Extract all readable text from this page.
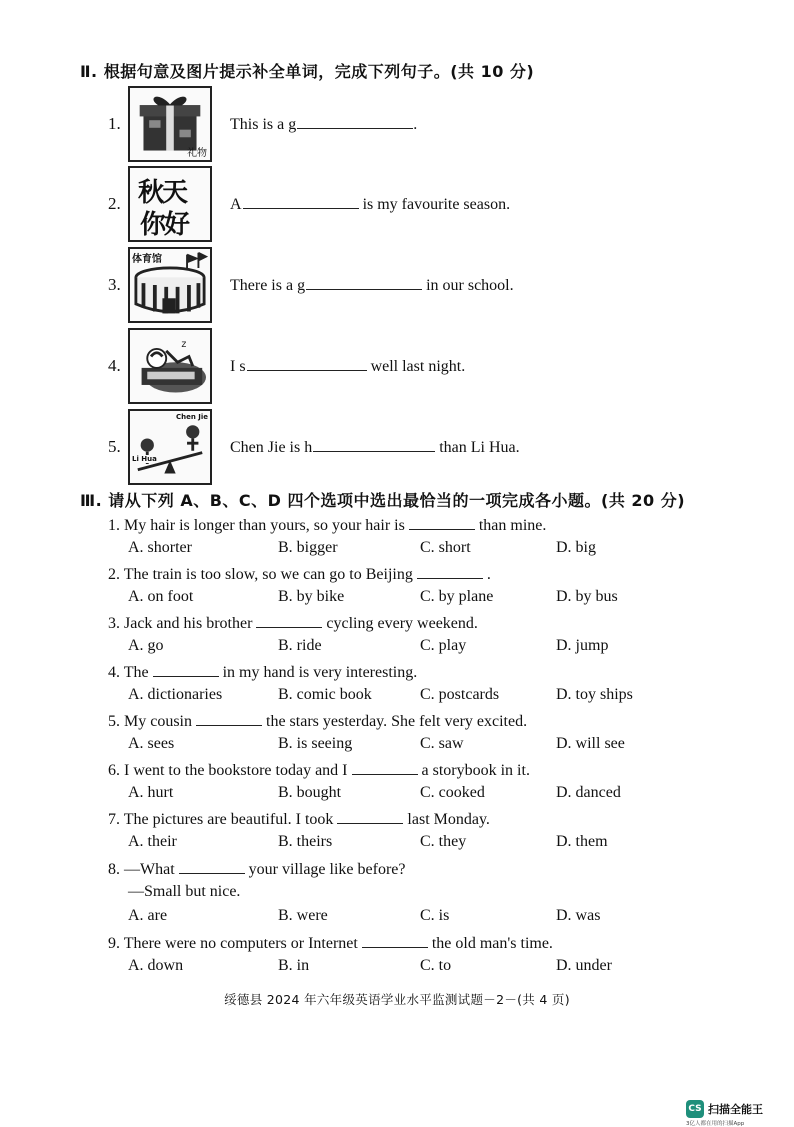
Ⅱ. 根据句意及图片提示补全单词，完成下列句子。(共 10 分)
1.
礼物
This is a g	.
2. 秋天
你好
A	is my favourite season.
3.
体育馆
There is a g	in our school.
4.
z
I s	well last night.
5.
Chen Jie
Li Hua
Chen Jie is h	than Li Hua.
Ⅲ. 请从下列 A、B、C、D 四个选项中选出最恰当的一项完成各小题。(共 20 分)
1. My hair is longer than yours, so your hair is	than mine.
A. shorter	B. bigger	C. short	D. big
2. The train is too slow, so we can go to Beijing	.
A. on foot	B. by bike	C. by plane	D. by bus
3. Jack and his brother	cycling every weekend.
A. go	B. ride	C. play	D. jump
4. The	in my hand is very interesting.
A. dictionaries	B. comic book	C. postcards	D. toy ships
5. My cousin	the stars yesterday. She felt very excited.
A. sees	B. is seeing	C. saw	D. will see
6. I went to the bookstore today and I	a storybook in it.
A. hurt	B. bought	C. cooked	D. danced
7. The pictures are beautiful. I took	last Monday.
A. their	B. theirs	C. they	D. them
8. —What	your village like before?
—Small but nice.
A. are	B. were	C. is	D. was
9. There were no computers or Internet	the old man's time.
A. down	B. in	C. to	D. under
绥德县 2024 年六年级英语学业水平监测试题－2－(共 4 页)
CS 扫描全能王
3亿人都在用的扫描App
